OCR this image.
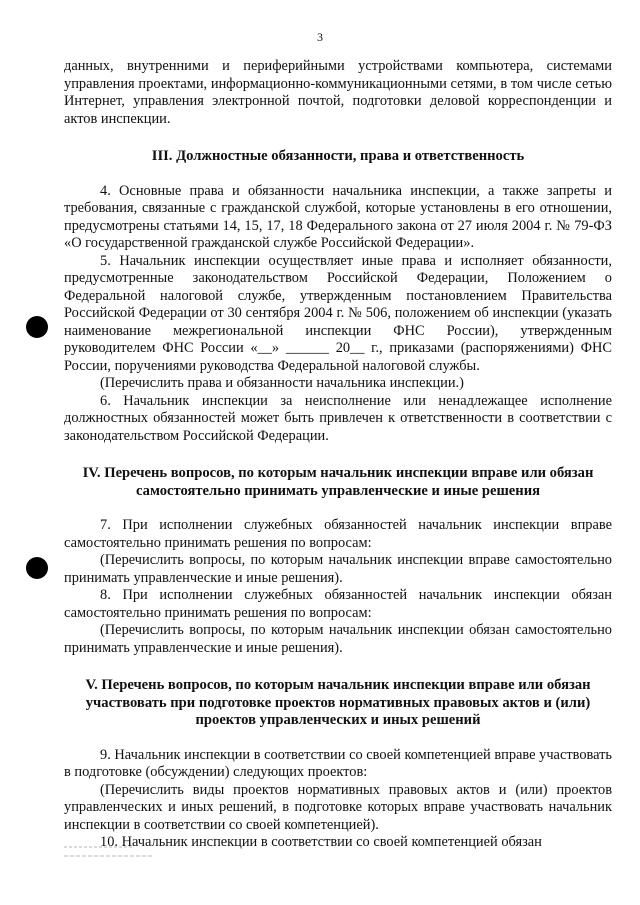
3

данных, внутренними и периферийными устройствами компьютера, системами управления проектами, информационно-коммуникационными сетями, в том числе сетью Интернет, управления электронной почтой, подготовки деловой корреспонденции и актов инспекции.

III. Должностные обязанности, права и ответственность

4. Основные права и обязанности начальника инспекции, а также запреты и требования, связанные с гражданской службой, которые установлены в его отношении, предусмотрены статьями 14, 15, 17, 18 Федерального закона от 27 июля 2004 г. № 79-ФЗ «О государственной гражданской службе Российской Федерации».

5. Начальник инспекции осуществляет иные права и исполняет обязанности, предусмотренные законодательством Российской Федерации, Положением о Федеральной налоговой службе, утвержденным постановлением Правительства Российской Федерации от 30 сентября 2004 г. № 506, положением об инспекции (указать наименование межрегиональной инспекции ФНС России), утвержденным руководителем ФНС России «__» ______ 20__ г., приказами (распоряжениями) ФНС России, поручениями руководства Федеральной налоговой службы.

(Перечислить права и обязанности начальника инспекции.)

6. Начальник инспекции за неисполнение или ненадлежащее исполнение должностных обязанностей может быть привлечен к ответственности в соответствии с законодательством Российской Федерации.

IV. Перечень вопросов, по которым начальник инспекции вправе или обязан самостоятельно принимать управленческие и иные решения

7. При исполнении служебных обязанностей начальник инспекции вправе самостоятельно принимать решения по вопросам:

(Перечислить вопросы, по которым начальник инспекции вправе самостоятельно принимать управленческие и иные решения).

8. При исполнении служебных обязанностей начальник инспекции обязан самостоятельно принимать решения по вопросам:

(Перечислить вопросы, по которым начальник инспекции обязан самостоятельно принимать управленческие и иные решения).

V. Перечень вопросов, по которым начальник инспекции вправе или обязан участвовать при подготовке проектов нормативных правовых актов и (или) проектов управленческих и иных решений

9. Начальник инспекции в соответствии со своей компетенцией вправе участвовать в подготовке (обсуждении) следующих проектов:

(Перечислить виды проектов нормативных правовых актов и (или) проектов управленческих и иных решений, в подготовке которых вправе участвовать начальник инспекции в соответствии со своей компетенцией).

10. Начальник инспекции в соответствии со своей компетенцией обязан
